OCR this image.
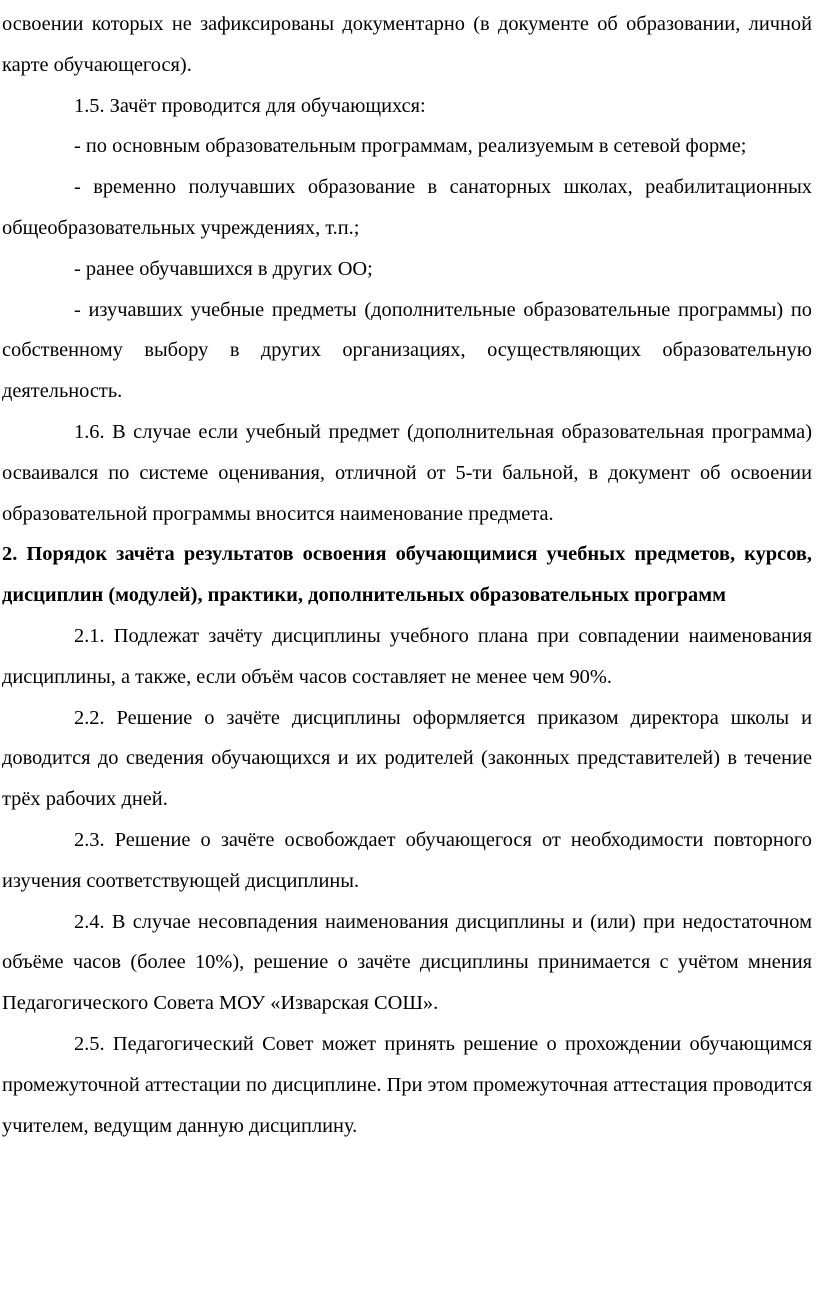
освоении которых не зафиксированы документарно (в документе об образовании, личной карте обучающегося).

1.5. Зачёт проводится для обучающихся:

- по основным образовательным программам, реализуемым в сетевой форме;

- временно получавших образование в санаторных школах, реабилитационных общеобразовательных учреждениях, т.п.;

- ранее обучавшихся в других ОО;

- изучавших учебные предметы (дополнительные образовательные программы) по собственному выбору в других организациях, осуществляющих образовательную деятельность.

1.6. В случае если учебный предмет (дополнительная образовательная программа) осваивался по системе оценивания, отличной от 5-ти бальной, в документ об освоении образовательной программы вносится наименование предмета.

2. Порядок зачёта результатов освоения обучающимися учебных предметов, курсов, дисциплин (модулей), практики, дополнительных образовательных программ

2.1. Подлежат зачёту дисциплины учебного плана при совпадении наименования дисциплины, а также, если объём часов составляет не менее чем 90%.

2.2. Решение о зачёте дисциплины оформляется приказом директора школы и доводится до сведения обучающихся и их родителей (законных представителей) в течение трёх рабочих дней.

2.3. Решение о зачёте освобождает обучающегося от необходимости повторного изучения соответствующей дисциплины.

2.4. В случае несовпадения наименования дисциплины и (или) при недостаточном объёме часов (более 10%), решение о зачёте дисциплины принимается с учётом мнения Педагогического Совета МОУ «Изварская СОШ».

2.5. Педагогический Совет может принять решение о прохождении обучающимся промежуточной аттестации по дисциплине. При этом промежуточная аттестация проводится учителем, ведущим данную дисциплину.
